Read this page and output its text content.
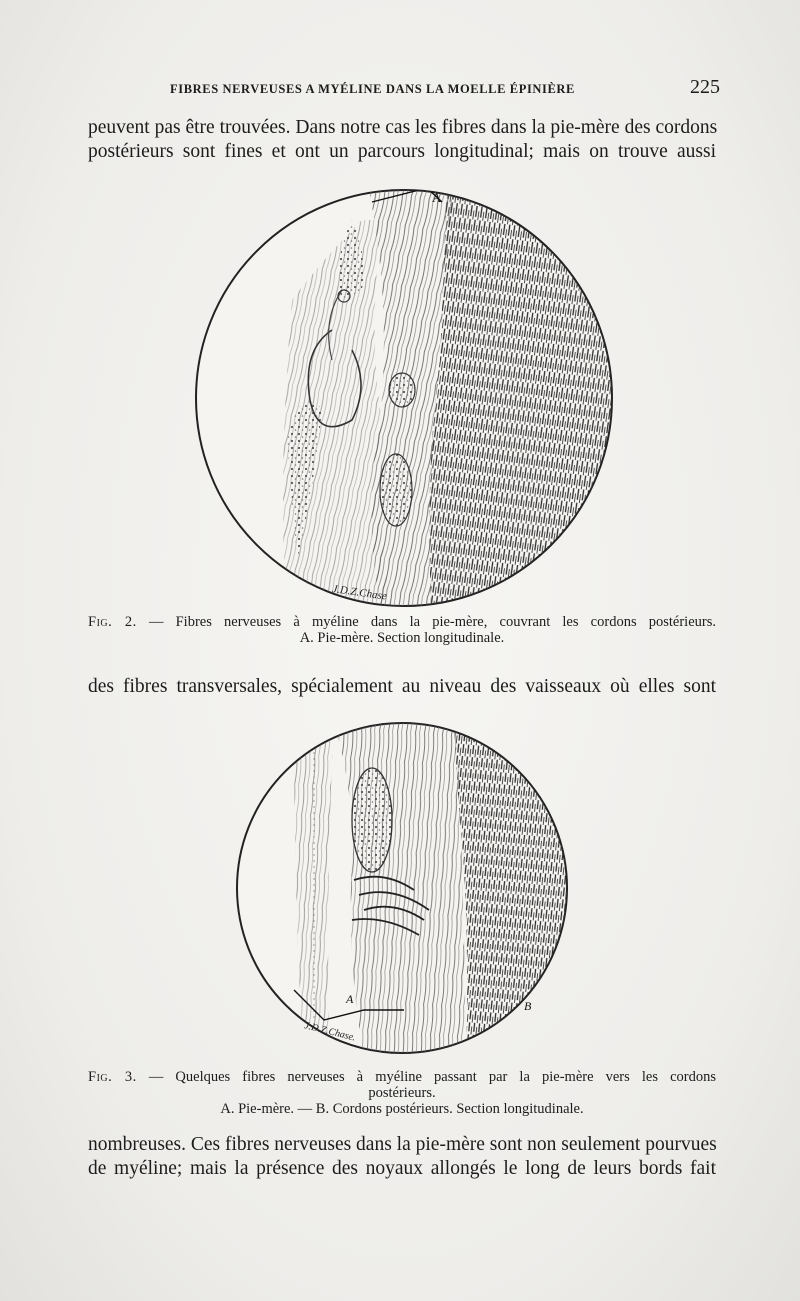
FIBRES NERVEUSES A MYÉLINE DANS LA MOELLE ÉPINIÈRE	225
peuvent pas être trouvées. Dans notre cas les fibres dans la pie-mère des cordons
postérieurs sont fines et ont un parcours longitudinal; mais on trouve aussi
A
J.D.Z.Chase
Fig. 2. — Fibres nerveuses à myéline dans la pie-mère, couvrant les cordons postérieurs.
A. Pie-mère. Section longitudinale.
des fibres transversales, spécialement au niveau des vaisseaux où elles sont
A	B
J.D.Z.Chase.
Fig. 3. — Quelques fibres nerveuses à myéline passant par la pie-mère vers les cordons
postérieurs.
A. Pie-mère. — B. Cordons postérieurs. Section longitudinale.
nombreuses. Ces fibres nerveuses dans la pie-mère sont non seulement pourvues
de myéline; mais la présence des noyaux allongés le long de leurs bords fait
